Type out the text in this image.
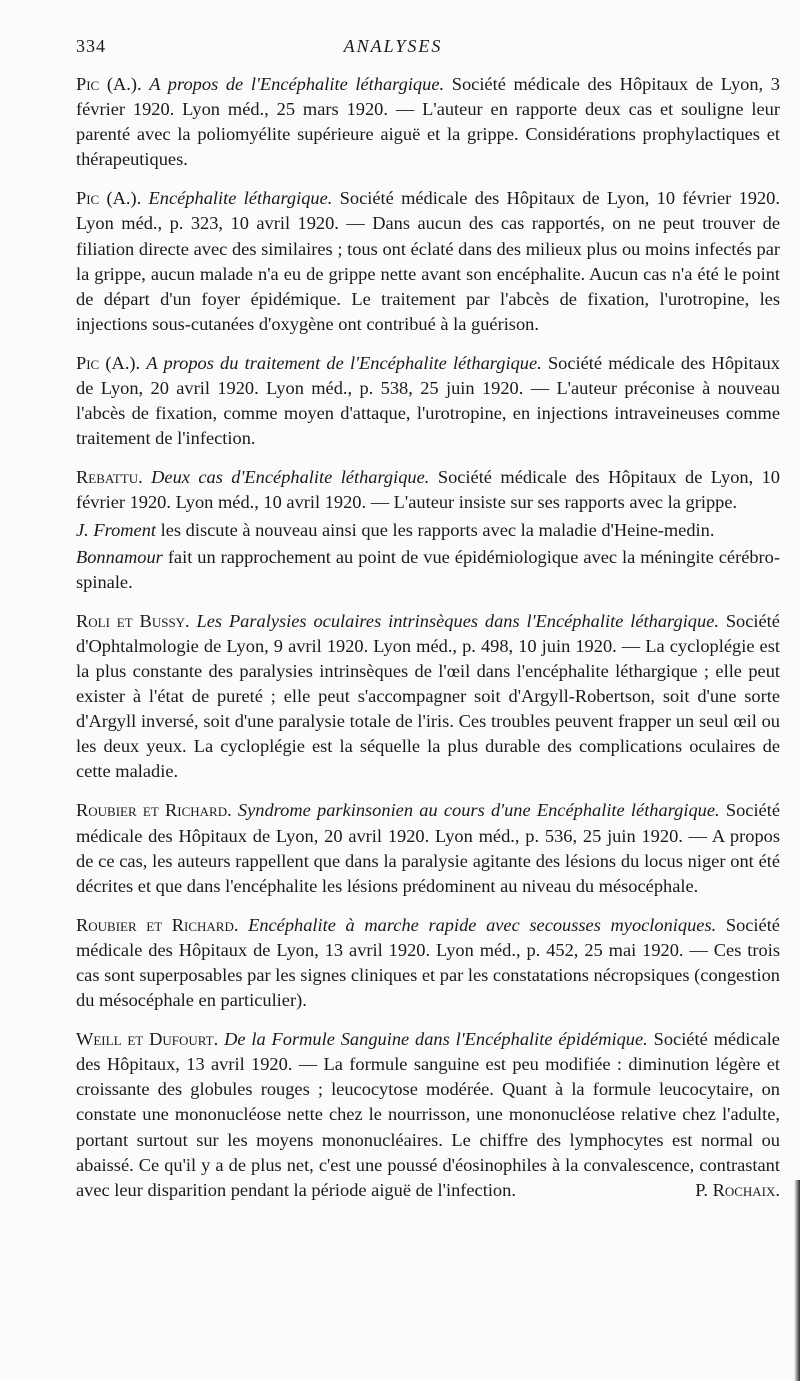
334	ANALYSES

Pic (A.). A propos de l'Encéphalite léthargique. Société médicale des Hôpitaux de Lyon, 3 février 1920. Lyon méd., 25 mars 1920. — L'auteur en rapporte deux cas et souligne leur parenté avec la poliomyélite supérieure aiguë et la grippe. Considérations prophylactiques et thérapeutiques.

Pic (A.). Encéphalite léthargique. Société médicale des Hôpitaux de Lyon, 10 février 1920. Lyon méd., p. 323, 10 avril 1920. — Dans aucun des cas rapportés, on ne peut trouver de filiation directe avec des similaires ; tous ont éclaté dans des milieux plus ou moins infectés par la grippe, aucun malade n'a eu de grippe nette avant son encéphalite. Aucun cas n'a été le point de départ d'un foyer épidémique. Le traitement par l'abcès de fixation, l'urotropine, les injections sous-cutanées d'oxygène ont contribué à la guérison.

Pic (A.). A propos du traitement de l'Encéphalite léthargique. Société médicale des Hôpitaux de Lyon, 20 avril 1920. Lyon méd., p. 538, 25 juin 1920. — L'auteur préconise à nouveau l'abcès de fixation, comme moyen d'attaque, l'urotropine, en injections intraveineuses comme traitement de l'infection.

Rebattu. Deux cas d'Encéphalite léthargique. Société médicale des Hôpitaux de Lyon, 10 février 1920. Lyon méd., 10 avril 1920. — L'auteur insiste sur ses rapports avec la grippe.

J. Froment les discute à nouveau ainsi que les rapports avec la maladie d'Heine-medin.

Bonnamour fait un rapprochement au point de vue épidémiologique avec la méningite cérébro-spinale.

Roli et Bussy. Les Paralysies oculaires intrinsèques dans l'Encéphalite léthargique. Société d'Ophtalmologie de Lyon, 9 avril 1920. Lyon méd., p. 498, 10 juin 1920. — La cycloplégie est la plus constante des paralysies intrinsèques de l'œil dans l'encéphalite léthargique ; elle peut exister à l'état de pureté ; elle peut s'accompagner soit d'Argyll-Robertson, soit d'une sorte d'Argyll inversé, soit d'une paralysie totale de l'iris. Ces troubles peuvent frapper un seul œil ou les deux yeux. La cycloplégie est la séquelle la plus durable des complications oculaires de cette maladie.

Roubier et Richard. Syndrome parkinsonien au cours d'une Encéphalite léthargique. Société médicale des Hôpitaux de Lyon, 20 avril 1920. Lyon méd., p. 536, 25 juin 1920. — A propos de ce cas, les auteurs rappellent que dans la paralysie agitante des lésions du locus niger ont été décrites et que dans l'encéphalite les lésions prédominent au niveau du mésocéphale.

Roubier et Richard. Encéphalite à marche rapide avec secousses myocloniques. Société médicale des Hôpitaux de Lyon, 13 avril 1920. Lyon méd., p. 452, 25 mai 1920. — Ces trois cas sont superposables par les signes cliniques et par les constatations nécropsiques (congestion du mésocéphale en particulier).

Weill et Dufourt. De la Formule Sanguine dans l'Encéphalite épidémique. Société médicale des Hôpitaux, 13 avril 1920. — La formule sanguine est peu modifiée : diminution légère et croissante des globules rouges ; leucocytose modérée. Quant à la formule leucocytaire, on constate une mononucléose nette chez le nourrisson, une mononucléose relative chez l'adulte, portant surtout sur les moyens mononucléaires. Le chiffre des lymphocytes est normal ou abaissé. Ce qu'il y a de plus net, c'est une poussé d'éosinophiles à la convalescence, contrastant avec leur disparition pendant la période aiguë de l'infection.	P. Rochaix.
